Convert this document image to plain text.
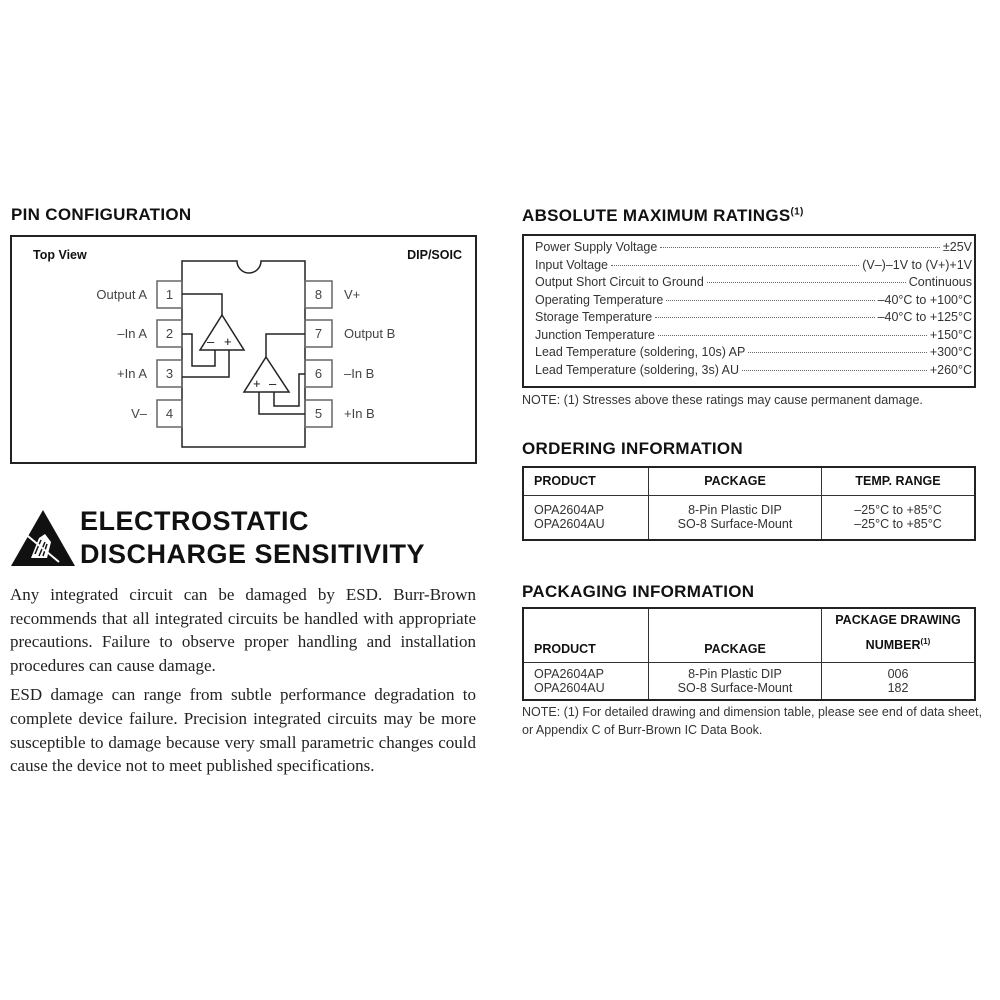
PIN CONFIGURATION
Top View	DIP/SOIC
1
2
3
4
Output A
–In A
+In A
V–
8
7
6
5
V+
Output B
–In B
+In B
– +
+ –
ELECTROSTATIC
DISCHARGE SENSITIVITY

Any integrated circuit can be damaged by ESD. Burr-Brown recommends that all integrated circuits be handled with appropriate precautions. Failure to observe proper handling and installation procedures can cause damage.

ESD damage can range from subtle performance degradation to complete device failure. Precision integrated circuits may be more susceptible to damage because very small parametric changes could cause the device not to meet published specifications.

ABSOLUTE MAXIMUM RATINGS$^{(1)}$
Power Supply Voltage	±25V
Input Voltage	(V–)–1V to (V+)+1V
Output Short Circuit to Ground	Continuous
Operating Temperature	–40°C to +100°C
Storage Temperature	–40°C to +125°C
Junction Temperature	+150°C
Lead Temperature (soldering, 10s) AP	+300°C
Lead Temperature (soldering, 3s) AU	+260°C
NOTE: (1) Stresses above these ratings may cause permanent damage.
ORDERING INFORMATION
PRODUCT	PACKAGE	TEMP. RANGE
OPA2604AP	8-Pin Plastic DIP	–25°C to +85°C
OPA2604AU	SO-8 Surface-Mount	–25°C to +85°C
PACKAGING INFORMATION
PRODUCT	PACKAGE	PACKAGE DRAWING
NUMBER$^{(1)}$
OPA2604AP	8-Pin Plastic DIP	006
OPA2604AU	SO-8 Surface-Mount	182
NOTE: (1) For detailed drawing and dimension table, please see end of data sheet, or Appendix C of Burr-Brown IC Data Book.
